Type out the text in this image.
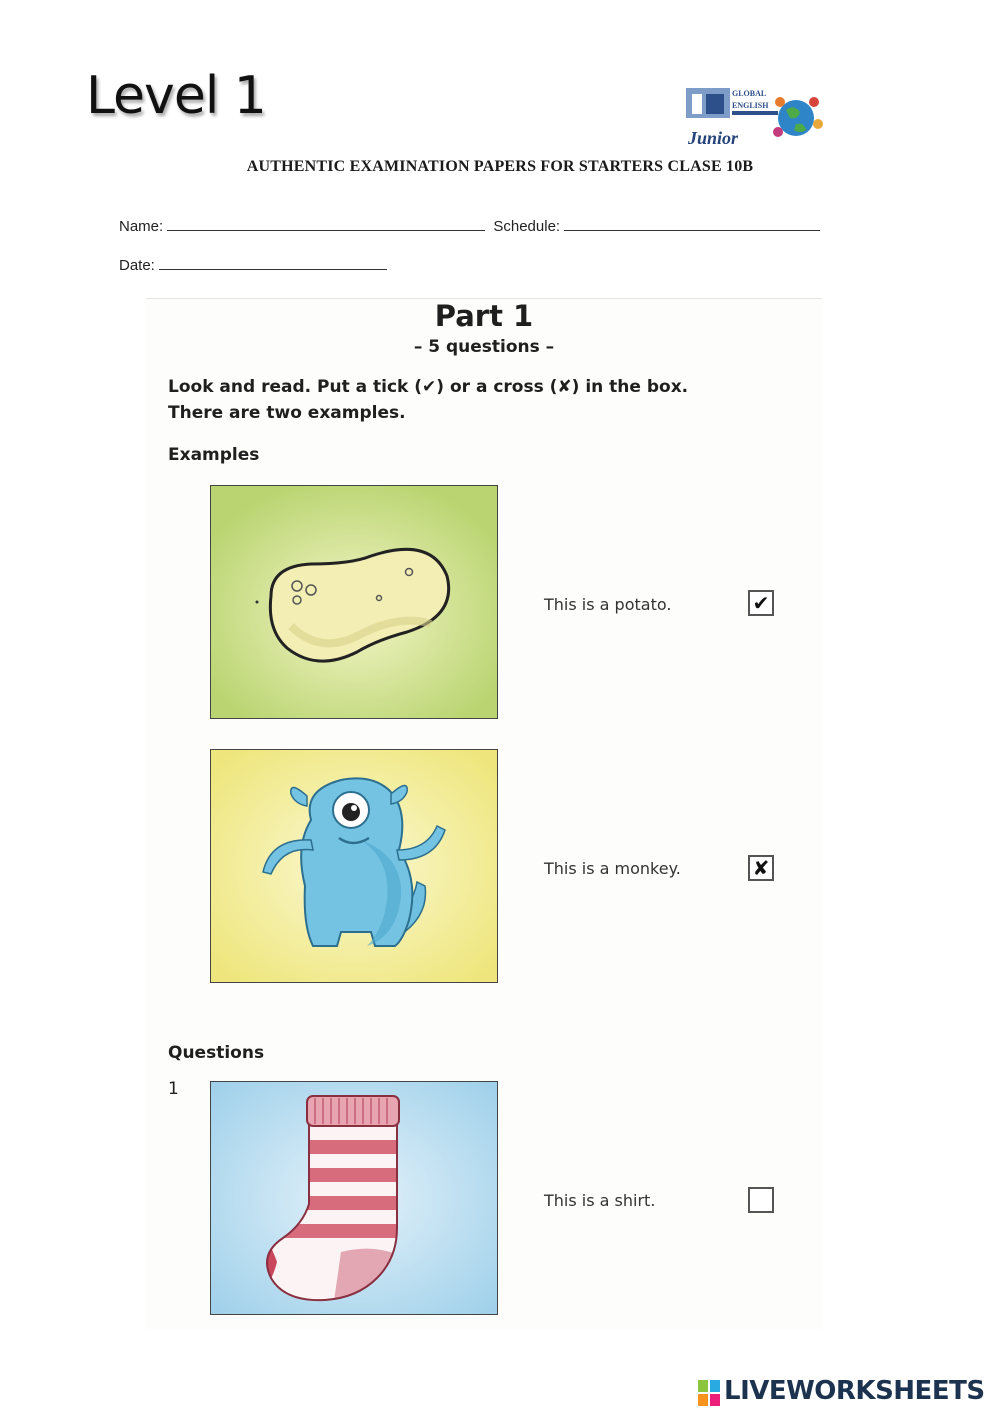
Level 1	GLOBAL
ENGLISH
Junior
AUTHENTIC EXAMINATION PAPERS FOR STARTERS CLASE 10B
Name:	Schedule:
Date:
Part 1
– 5 questions –
Look and read. Put a tick (✔) or a cross (✘) in the box.
There are two examples.
Examples
This is a potato.	✔
This is a monkey.	✘
Questions
1
This is a shirt.
LIVEWORKSHEETS
